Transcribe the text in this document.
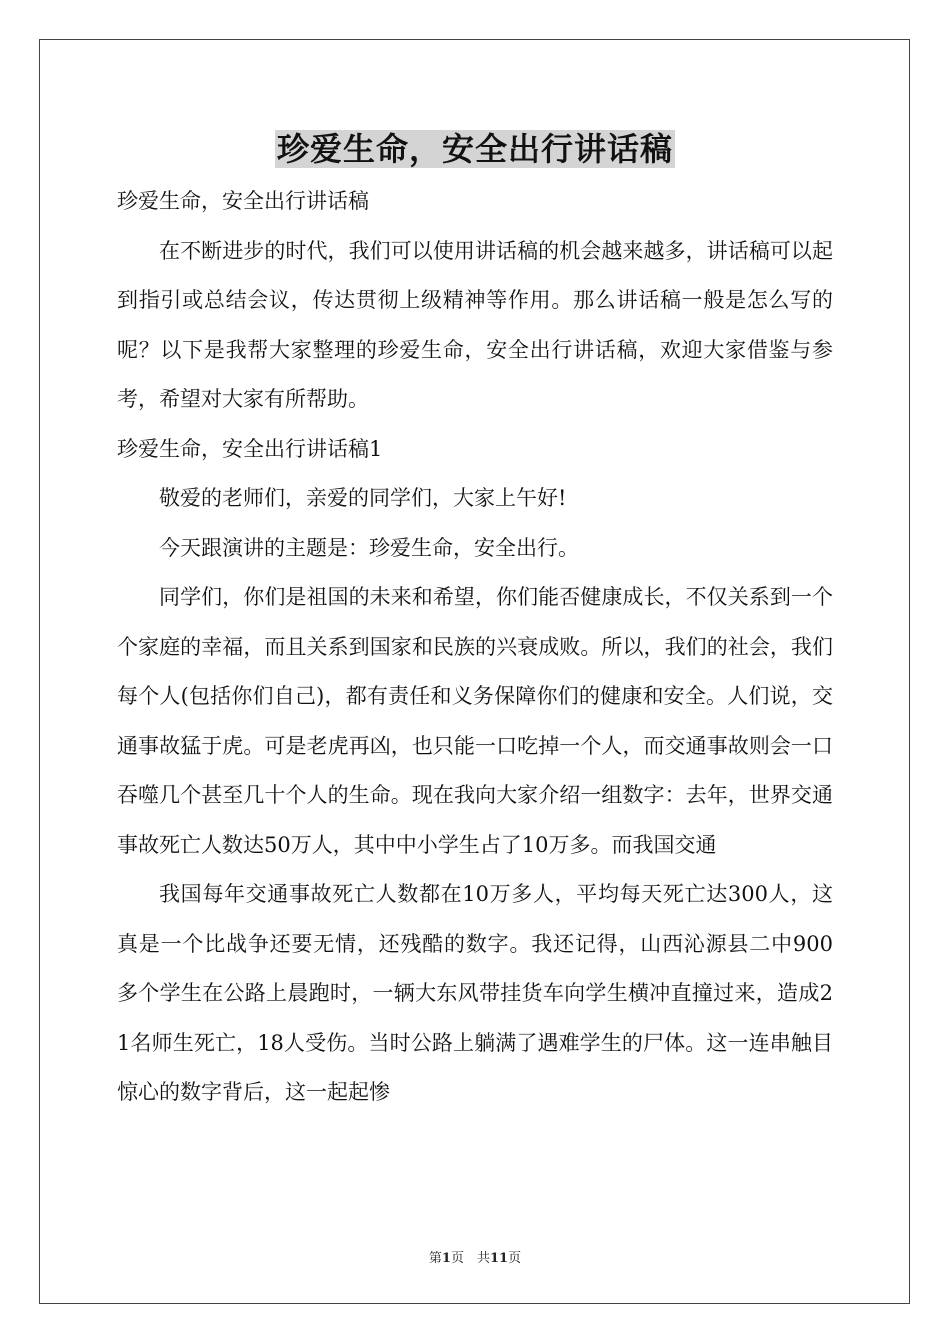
珍爱生命，安全出行讲话稿

珍爱生命，安全出行讲话稿

在不断进步的时代，我们可以使用讲话稿的机会越来越多，讲话稿可以起到指引或总结会议，传达贯彻上级精神等作用。那么讲话稿一般是怎么写的呢？以下是我帮大家整理的珍爱生命，安全出行讲话稿，欢迎大家借鉴与参考，希望对大家有所帮助。

珍爱生命，安全出行讲话稿1

敬爱的老师们，亲爱的同学们，大家上午好!

今天跟演讲的主题是：珍爱生命，安全出行。

同学们，你们是祖国的未来和希望，你们能否健康成长，不仅关系到一个个家庭的幸福，而且关系到国家和民族的兴衰成败。所以，我们的社会，我们每个人(包括你们自己)，都有责任和义务保障你们的健康和安全。人们说，交通事故猛于虎。可是老虎再凶，也只能一口吃掉一个人，而交通事故则会一口吞噬几个甚至几十个人的生命。现在我向大家介绍一组数字：去年，世界交通事故死亡人数达50万人，其中中小学生占了10万多。而我国交通

我国每年交通事故死亡人数都在10万多人，平均每天死亡达300人，这真是一个比战争还要无情，还残酷的数字。我还记得，山西沁源县二中900 多个学生在公路上晨跑时，一辆大东风带挂货车向学生横冲直撞过来，造成21名师生死亡，18人受伤。当时公路上躺满了遇难学生的尸体。这一连串触目惊心的数字背后，这一起起惨

第1页　共11页
